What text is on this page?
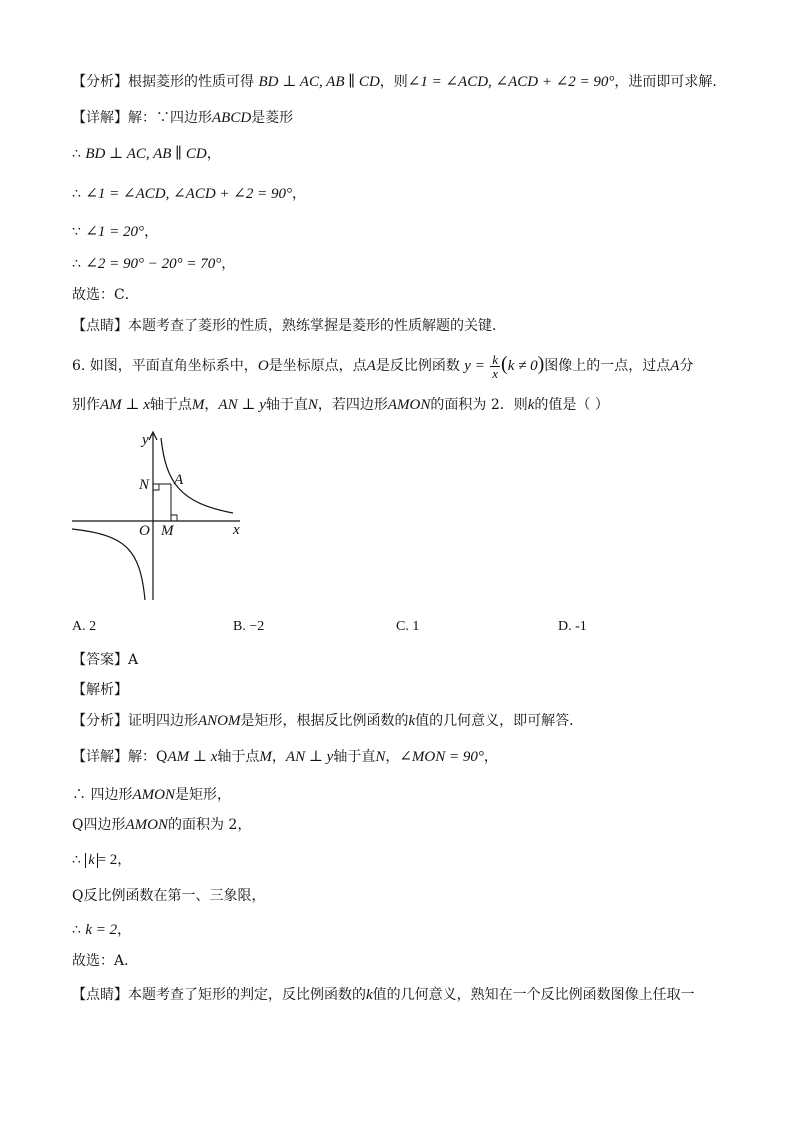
【分析】根据菱形的性质可得 BD ⊥ AC, AB ∥ CD，则∠1 = ∠ACD, ∠ACD + ∠2 = 90°，进而即可求解．
【详解】解：∵四边形ABCD是菱形
∴ BD ⊥ AC, AB ∥ CD，
∴ ∠1 = ∠ACD, ∠ACD + ∠2 = 90°，
∵ ∠1 = 20°，
∴ ∠2 = 90° − 20° = 70°，
故选：C．
【点睛】本题考查了菱形的性质，熟练掌握是菱形的性质解题的关键．
6. 如图，平面直角坐标系中，O是坐标原点，点A是反比例函数 $y = \frac{k}{x} (k \ne 0)$图像上的一点，过点A分
别作AM ⊥ x轴于点M，AN ⊥ y轴于直N，若四边形AMON的面积为 2．则k的值是（ ）
y
x
O M
N A
A. 2	B. −2	C. 1	D. -1
【答案】A
【解析】
【分析】证明四边形ANOM是矩形，根据反比例函数的k值的几何意义，即可解答．
【详解】解：QAM ⊥ x轴于点M，AN ⊥ y轴于直N，∠MON = 90°，
∴ 四边形AMON是矩形，
Q四边形AMON的面积为 2，
∴ k = 2，
Q反比例函数在第一、三象限，
∴ k = 2，
故选：A．
【点睛】本题考查了矩形的判定，反比例函数的k值的几何意义，熟知在一个反比例函数图像上任取一
